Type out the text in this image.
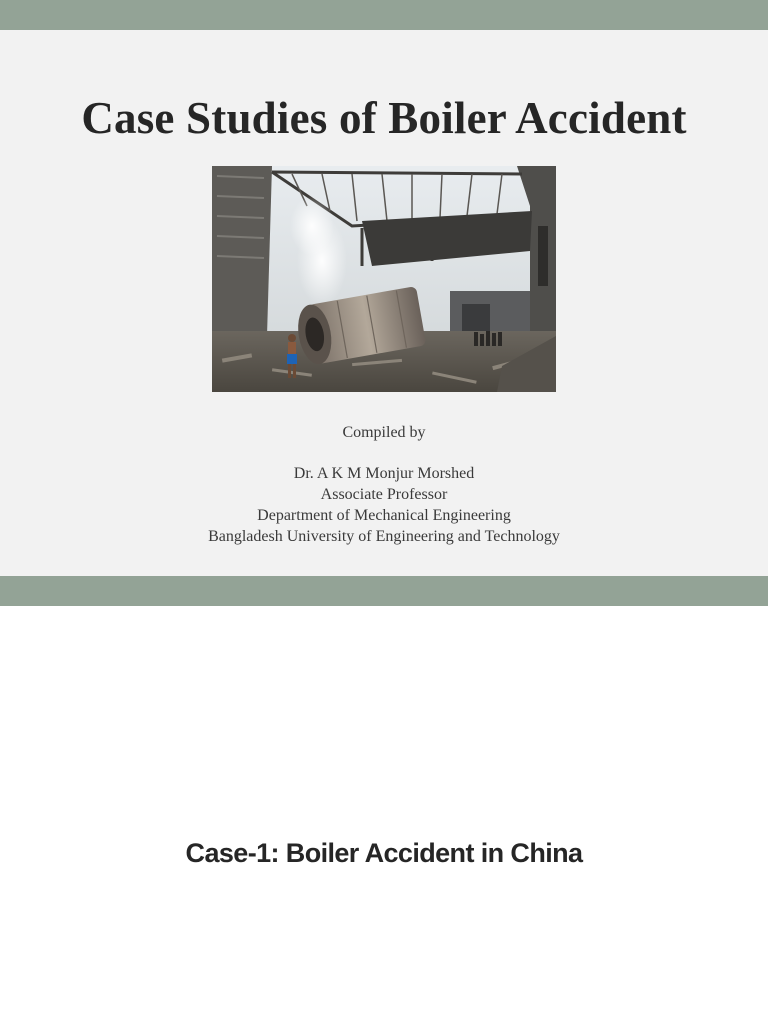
Case Studies of Boiler Accident
Compiled by
Dr. A K M Monjur Morshed
Associate Professor
Department of Mechanical Engineering
Bangladesh University of Engineering and Technology
Case-1: Boiler Accident in China
